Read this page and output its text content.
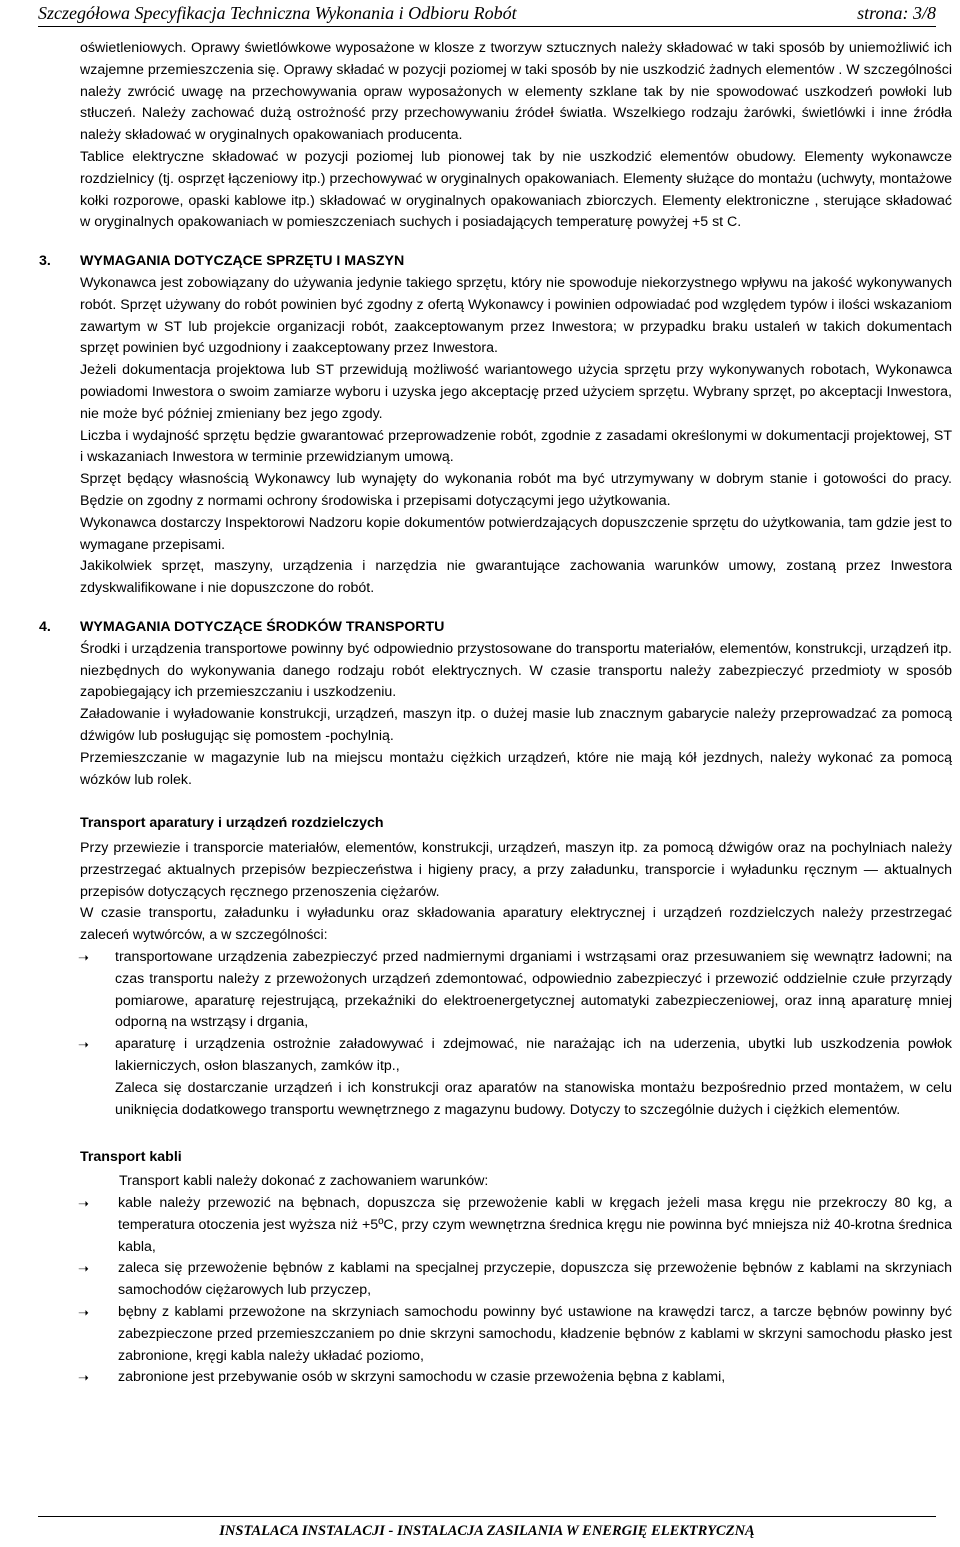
Szczegółowa Specyfikacja Techniczna Wykonania i Odbioru Robót	strona: 3/8

oświetleniowych. Oprawy świetlówkowe wyposażone w klosze z tworzyw sztucznych należy składować w taki sposób by uniemożliwić ich wzajemne przemieszczenia się. Oprawy składać w pozycji poziomej w taki sposób by nie uszkodzić żadnych elementów . W szczególności należy zwrócić uwagę na przechowywania opraw wyposażonych w elementy szklane tak by nie spowodować uszkodzeń powłoki lub stłuczeń. Należy zachować dużą ostrożność przy przechowywaniu źródeł światła. Wszelkiego rodzaju żarówki, świetlówki i inne źródła należy składować w oryginalnych opakowaniach producenta.

Tablice elektryczne składować w pozycji poziomej lub pionowej tak by nie uszkodzić elementów obudowy. Elementy wykonawcze rozdzielnicy (tj. osprzęt łączeniowy itp.) przechowywać w oryginalnych opakowaniach. Elementy służące do montażu (uchwyty, montażowe kołki rozporowe, opaski kablowe itp.) składować w oryginalnych opakowaniach zbiorczych. Elementy elektroniczne , sterujące składować w oryginalnych opakowaniach w pomieszczeniach suchych i posiadających temperaturę powyżej +5 st C.

3. WYMAGANIA DOTYCZĄCE SPRZĘTU I MASZYN

Wykonawca jest zobowiązany do używania jedynie takiego sprzętu, który nie spowoduje niekorzystnego wpływu na jakość wykonywanych robót. Sprzęt używany do robót powinien być zgodny z ofertą Wykonawcy i powinien odpowiadać pod względem typów i ilości wskazaniom zawartym w ST lub projekcie organizacji robót, zaakceptowanym przez Inwestora; w przypadku braku ustaleń w takich dokumentach sprzęt powinien być uzgodniony i zaakceptowany przez Inwestora.

Jeżeli dokumentacja projektowa lub ST przewidują możliwość wariantowego użycia sprzętu przy wykonywanych robotach, Wykonawca powiadomi Inwestora o swoim zamiarze wyboru i uzyska jego akceptację przed użyciem sprzętu. Wybrany sprzęt, po akceptacji Inwestora, nie może być później zmieniany bez jego zgody.

Liczba i wydajność sprzętu będzie gwarantować przeprowadzenie robót, zgodnie z zasadami określonymi w dokumentacji projektowej, ST i wskazaniach Inwestora w terminie przewidzianym umową.

Sprzęt będący własnością Wykonawcy lub wynajęty do wykonania robót ma być utrzymywany w dobrym stanie i gotowości do pracy. Będzie on zgodny z normami ochrony środowiska i przepisami dotyczącymi jego użytkowania.

Wykonawca dostarczy Inspektorowi Nadzoru kopie dokumentów potwierdzających dopuszczenie sprzętu do użytkowania, tam gdzie jest to wymagane przepisami.

Jakikolwiek sprzęt, maszyny, urządzenia i narzędzia nie gwarantujące zachowania warunków umowy, zostaną przez Inwestora zdyskwalifikowane i nie dopuszczone do robót.

4. WYMAGANIA DOTYCZĄCE ŚRODKÓW TRANSPORTU

Środki i urządzenia transportowe powinny być odpowiednio przystosowane do transportu materiałów, elementów, konstrukcji, urządzeń itp. niezbędnych do wykonywania danego rodzaju robót elektrycznych. W czasie transportu należy zabezpieczyć przedmioty w sposób zapobiegający ich przemieszczaniu i uszkodzeniu.

Załadowanie i wyładowanie konstrukcji, urządzeń, maszyn itp. o dużej masie lub znacznym gabarycie należy przeprowadzać za pomocą dźwigów lub posługując się pomostem -pochylnią.

Przemieszczanie w magazynie lub na miejscu montażu ciężkich urządzeń, które nie mają kół jezdnych, należy wykonać za pomocą wózków lub rolek.

Transport aparatury i urządzeń rozdzielczych

Przy przewiezie i transporcie materiałów, elementów, konstrukcji, urządzeń, maszyn itp. za pomocą dźwigów oraz na pochylniach należy przestrzegać aktualnych przepisów bezpieczeństwa i higieny pracy, a przy załadunku, transporcie i wyładunku ręcznym — aktualnych przepisów dotyczących ręcznego przenoszenia ciężarów.

W czasie transportu, załadunku i wyładunku oraz składowania aparatury elektrycznej i urządzeń rozdzielczych należy przestrzegać zaleceń wytwórców, a w szczególności:

➝ transportowane urządzenia zabezpieczyć przed nadmiernymi drganiami i wstrząsami oraz przesuwaniem się wewnątrz ładowni; na czas transportu należy z przewożonych urządzeń zdemontować, odpowiednio zabezpieczyć i przewozić oddzielnie czułe przyrządy pomiarowe, aparaturę rejestrującą, przekaźniki do elektroenergetycznej automatyki zabezpieczeniowej, oraz inną aparaturę mniej odporną na wstrząsy i drgania,
➝ aparaturę i urządzenia ostrożnie załadowywać i zdejmować, nie narażając ich na uderzenia, ubytki lub uszkodzenia powłok lakierniczych, osłon blaszanych, zamków itp.,
Zaleca się dostarczanie urządzeń i ich konstrukcji oraz aparatów na stanowiska montażu bezpośrednio przed montażem, w celu uniknięcia dodatkowego transportu wewnętrznego z magazynu budowy. Dotyczy to szczególnie dużych i ciężkich elementów.
Transport kabli
Transport kabli należy dokonać z zachowaniem warunków:
➝ kable należy przewozić na bębnach, dopuszcza się przewożenie kabli w kręgach jeżeli masa kręgu nie przekroczy 80 kg, a temperatura otoczenia jest wyższa niż +5ºC, przy czym wewnętrzna średnica kręgu nie powinna być mniejsza niż 40-krotna średnica kabla,
➝ zaleca się przewożenie bębnów z kablami na specjalnej przyczepie, dopuszcza się przewożenie bębnów z kablami na skrzyniach samochodów ciężarowych lub przyczep,
➝ bębny z kablami przewożone na skrzyniach samochodu powinny być ustawione na krawędzi tarcz, a tarcze bębnów powinny być zabezpieczone przed przemieszczaniem po dnie skrzyni samochodu, kładzenie bębnów z kablami w skrzyni samochodu płasko jest zabronione, kręgi kabla należy układać poziomo,
➝ zabronione jest przebywanie osób w skrzyni samochodu w czasie przewożenia bębna z kablami,
INSTALACA INSTALACJI - INSTALACJA ZASILANIA W ENERGIĘ ELEKTRYCZNĄ
